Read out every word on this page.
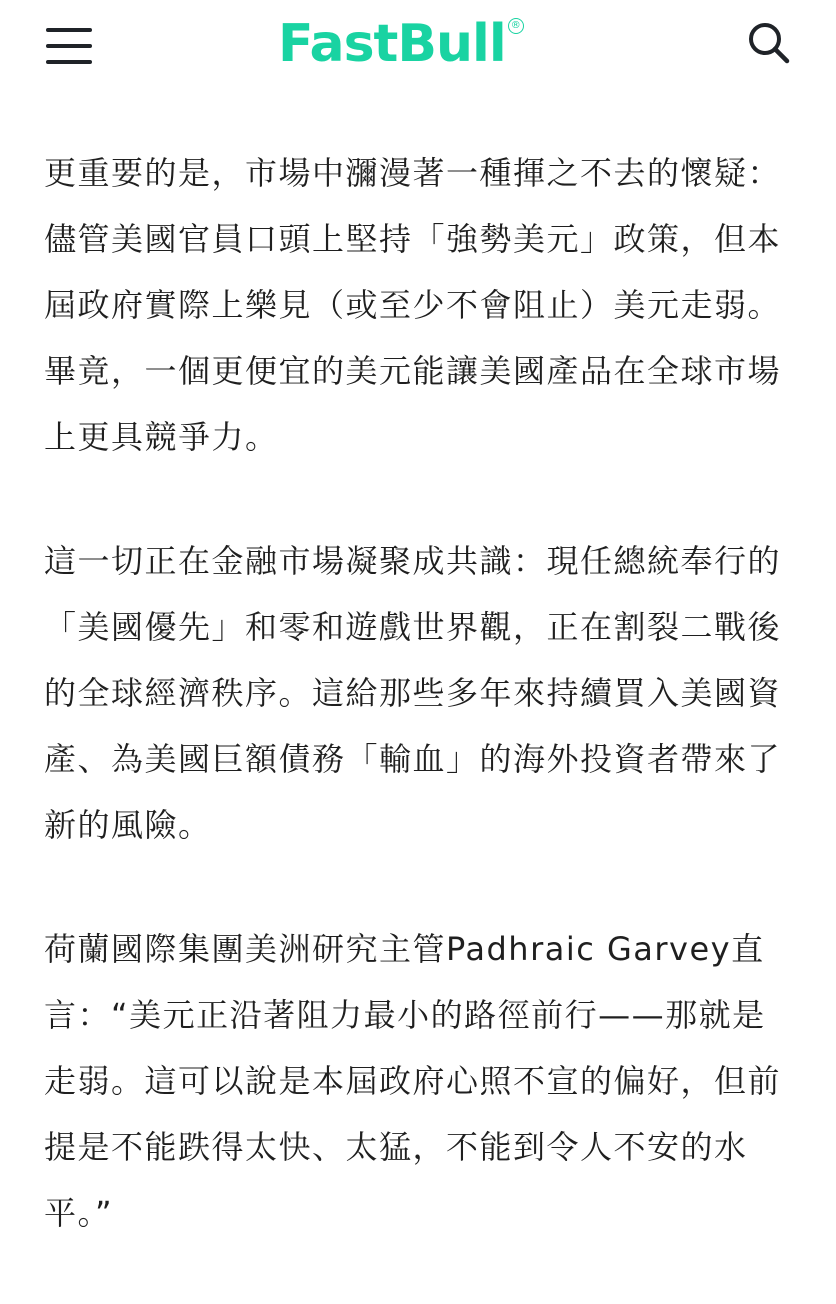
FastBull ®

更重要的是，市場中瀰漫著一種揮之不去的懷疑：儘管美國官員口頭上堅持「強勢美元」政策，但本屆政府實際上樂見（或至少不會阻止）美元走弱。畢竟，一個更便宜的美元能讓美國產品在全球市場上更具競爭力。

這一切正在金融市場凝聚成共識：現任總統奉行的「美國優先」和零和遊戲世界觀，正在割裂二戰後的全球經濟秩序。這給那些多年來持續買入美國資產、為美國巨額債務「輸血」的海外投資者帶來了新的風險。

荷蘭國際集團美洲研究主管Padhraic Garvey直言：“美元正沿著阻力最小的路徑前行——那就是走弱。這可以說是本屆政府心照不宣的偏好，但前提是不能跌得太快、太猛，不能到令人不安的水平。”
